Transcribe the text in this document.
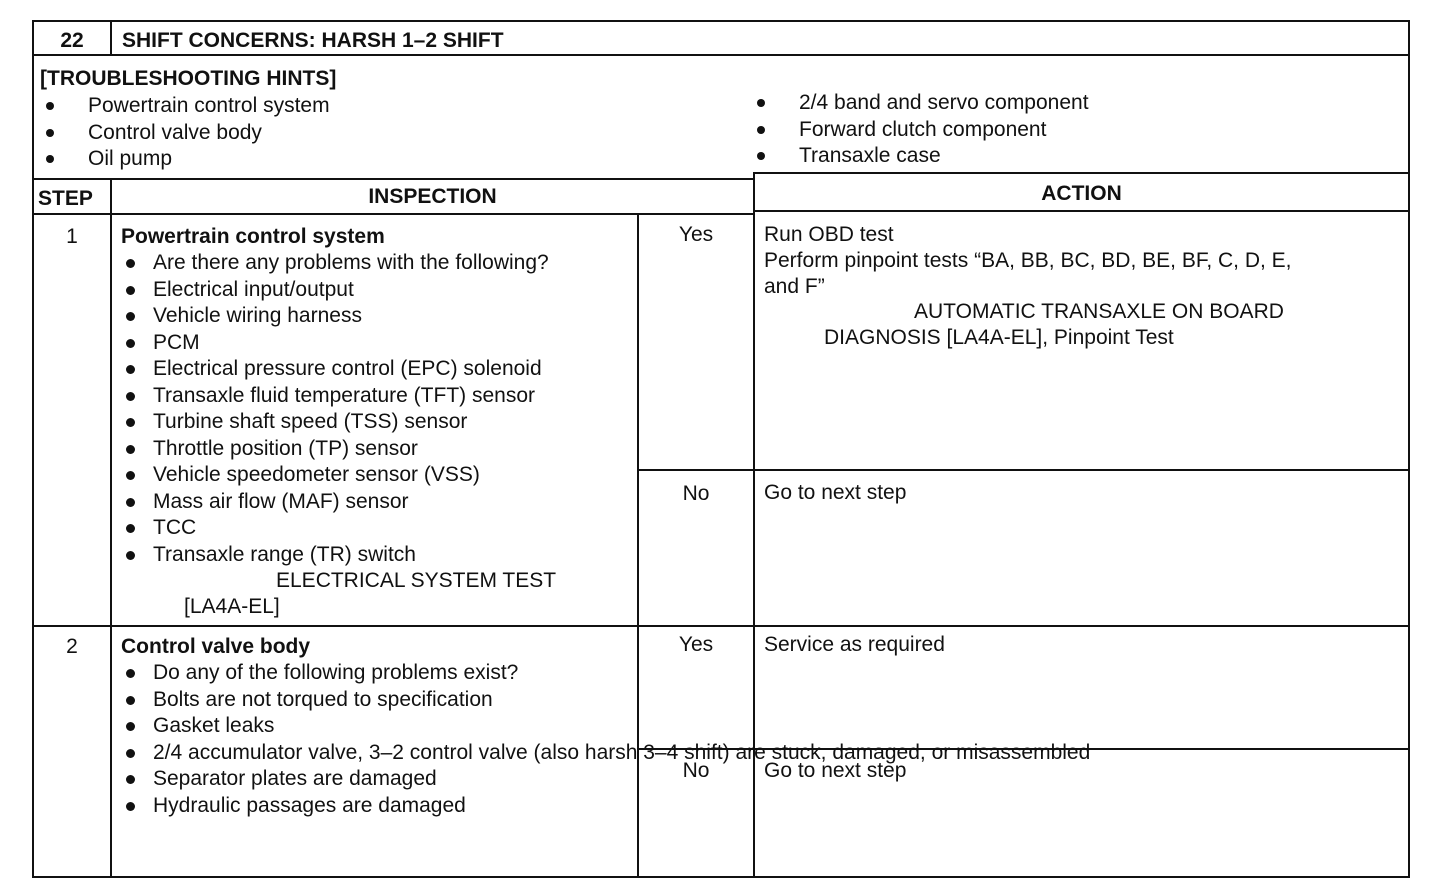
22	SHIFT CONCERNS: HARSH 1–2 SHIFT
[TROUBLESHOOTING HINTS]
Powertrain control system
Control valve body
Oil pump
2/4 band and servo component
Forward clutch component
Transaxle case
STEP	INSPECTION	ACTION
1	Powertrain control system
Are there any problems with the following?
Electrical input/output
Vehicle wiring harness
PCM
Electrical pressure control (EPC) solenoid
Transaxle fluid temperature (TFT) sensor
Turbine shaft speed (TSS) sensor
Throttle position (TP) sensor
Vehicle speedometer sensor (VSS)
Mass air flow (MAF) sensor
TCC
Transaxle range (TR) switch
ELECTRICAL SYSTEM TEST
[LA4A-EL]
Yes	Run OBD test
Perform pinpoint tests “BA, BB, BC, BD, BE, BF, C, D, E,
and F”
AUTOMATIC TRANSAXLE ON BOARD
DIAGNOSIS [LA4A-EL], Pinpoint Test
No	Go to next step
2	Control valve body
Do any of the following problems exist?
Bolts are not torqued to specification
Gasket leaks
2/4 accumulator valve, 3–2 control valve (also harsh 3–4 shift) are stuck, damaged, or misassembled
Separator plates are damaged
Hydraulic passages are damaged
Yes	Service as required
No	Go to next step
